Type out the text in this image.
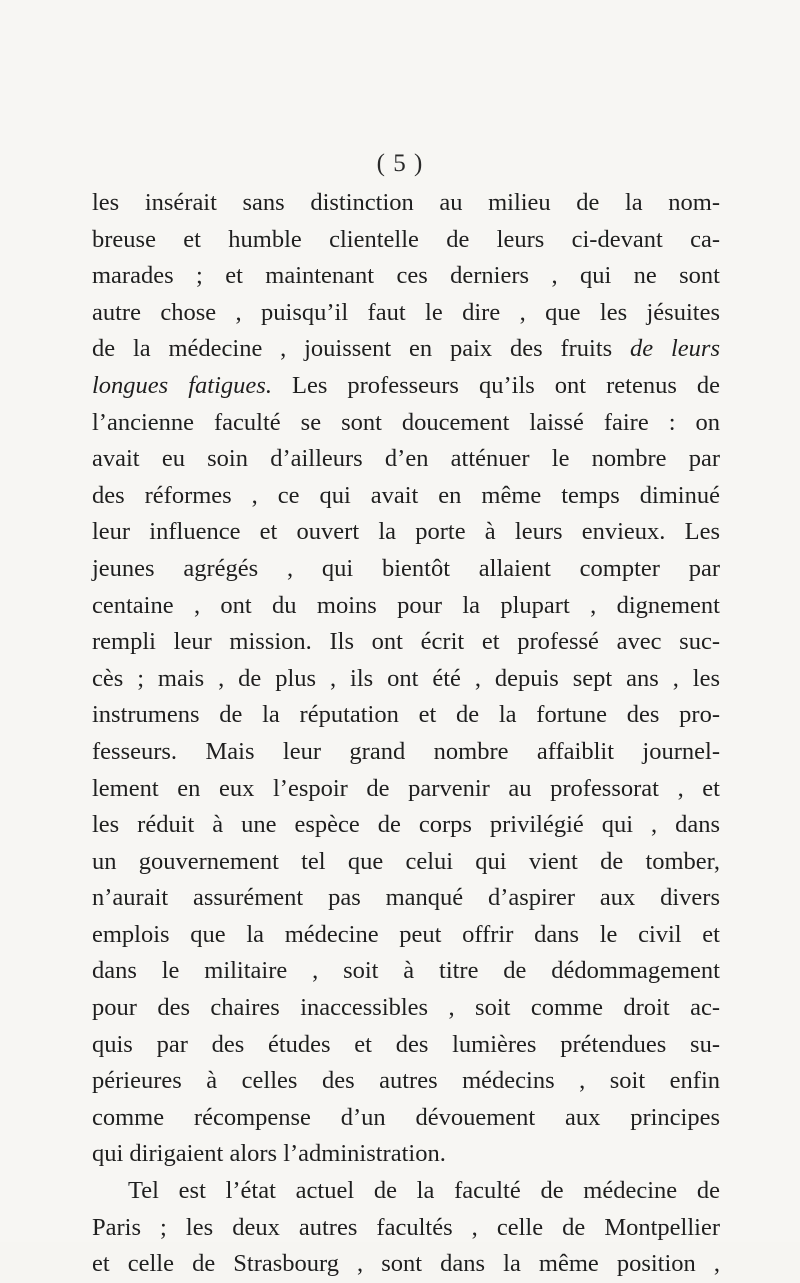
( 5 )
les insérait sans distinction au milieu de la nom-
breuse et humble clientelle de leurs ci-devant ca-
marades ; et maintenant ces derniers , qui ne sont
autre chose , puisqu’il faut le dire , que les jésuites
de la médecine , jouissent en paix des fruits de leurs
longues fatigues. Les professeurs qu’ils ont retenus de
l’ancienne faculté se sont doucement laissé faire : on
avait eu soin d’ailleurs d’en atténuer le nombre par
des réformes , ce qui avait en même temps diminué
leur influence et ouvert la porte à leurs envieux. Les
jeunes agrégés , qui bientôt allaient compter par
centaine , ont du moins pour la plupart , dignement
rempli leur mission. Ils ont écrit et professé avec suc-
cès ; mais , de plus , ils ont été , depuis sept ans , les
instrumens de la réputation et de la fortune des pro-
fesseurs. Mais leur grand nombre affaiblit journel-
lement en eux l’espoir de parvenir au professorat , et
les réduit à une espèce de corps privilégié qui , dans
un gouvernement tel que celui qui vient de tomber,
n’aurait assurément pas manqué d’aspirer aux divers
emplois que la médecine peut offrir dans le civil et
dans le militaire , soit à titre de dédommagement
pour des chaires inaccessibles , soit comme droit ac-
quis par des études et des lumières prétendues su-
périeures à celles des autres médecins , soit enfin
comme récompense d’un dévouement aux principes
qui dirigaient alors l’administration.
Tel est l’état actuel de la faculté de médecine de
Paris ; les deux autres facultés , celle de Montpellier
et celle de Strasbourg , sont dans la même position ,
